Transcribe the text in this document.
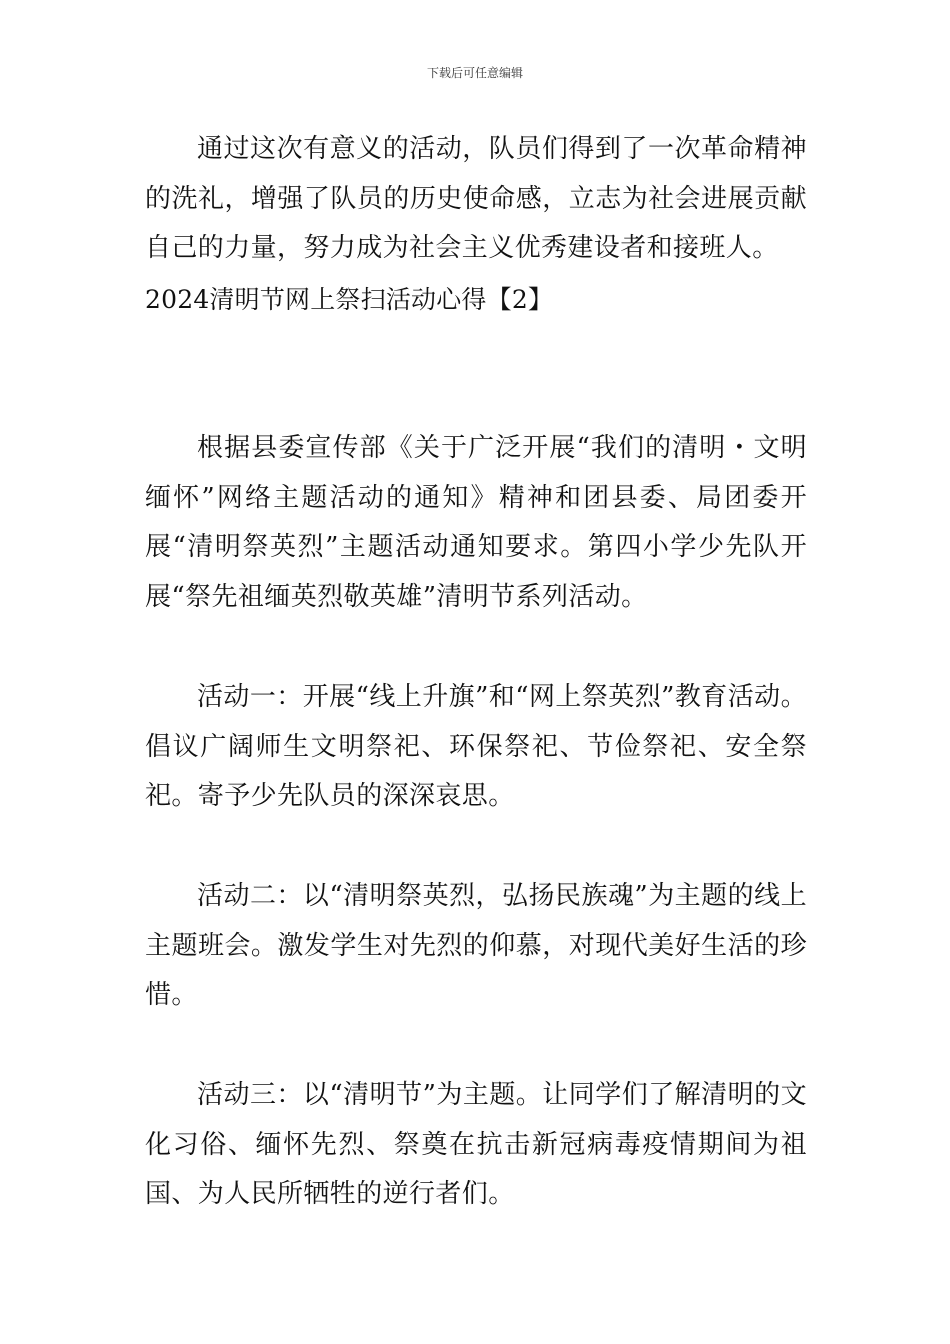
下载后可任意编辑

通过这次有意义的活动，队员们得到了一次革命精神的洗礼，增强了队员的历史使命感，立志为社会进展贡献自己的力量，努力成为社会主义优秀建设者和接班人。

2024清明节网上祭扫活动心得【2】

根据县委宣传部《关于广泛开展“我们的清明・文明缅怀”网络主题活动的通知》精神和团县委、局团委开展“清明祭英烈”主题活动通知要求。第四小学少先队开展“祭先祖缅英烈敬英雄”清明节系列活动。

活动一：开展“线上升旗”和“网上祭英烈”教育活动。倡议广阔师生文明祭祀、环保祭祀、节俭祭祀、安全祭祀。寄予少先队员的深深哀思。

活动二：以“清明祭英烈，弘扬民族魂”为主题的线上主题班会。激发学生对先烈的仰慕，对现代美好生活的珍惜。

活动三：以“清明节”为主题。让同学们了解清明的文化习俗、缅怀先烈、祭奠在抗击新冠病毒疫情期间为祖国、为人民所牺牲的逆行者们。
